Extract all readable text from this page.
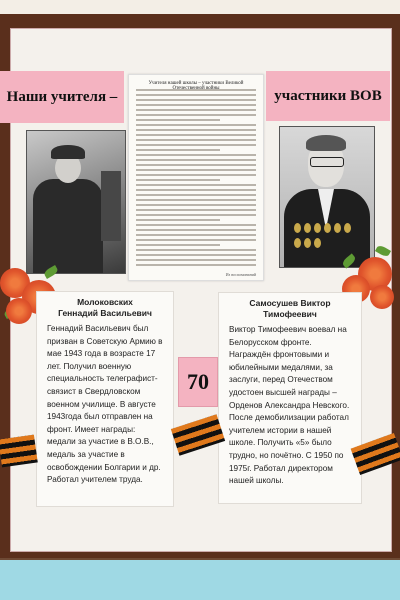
Наши учителя –	участники ВОВ
Учителя нашей школы – участники Великой
Из воспоминаний
Молоковских
Геннадий Васильевич
Геннадий Васильевич был призван в Советскую Армию в мае 1943 года в возрасте 17 лет. Получил военную специальность телеграфист-связист в Свердловском военном училище. В августе 1943года был отправлен на фронт. Имеет награды: медали за участие в В.О.В., медаль за участие в освобождении Болгарии и др. Работал учителем труда.
Самосушев Виктор
Тимофеевич
Виктор Тимофеевич воевал на Белорусском фронте. Награждён фронтовыми и юбилейными медалями, за заслуги, перед Отечеством удостоен высшей награды – Орденов Александра Невского. После демобилизации работал учителем истории в нашей школе. Получить «5» было трудно, но почётно. С 1950 по 1975г. Работал директором нашей школы.
70
